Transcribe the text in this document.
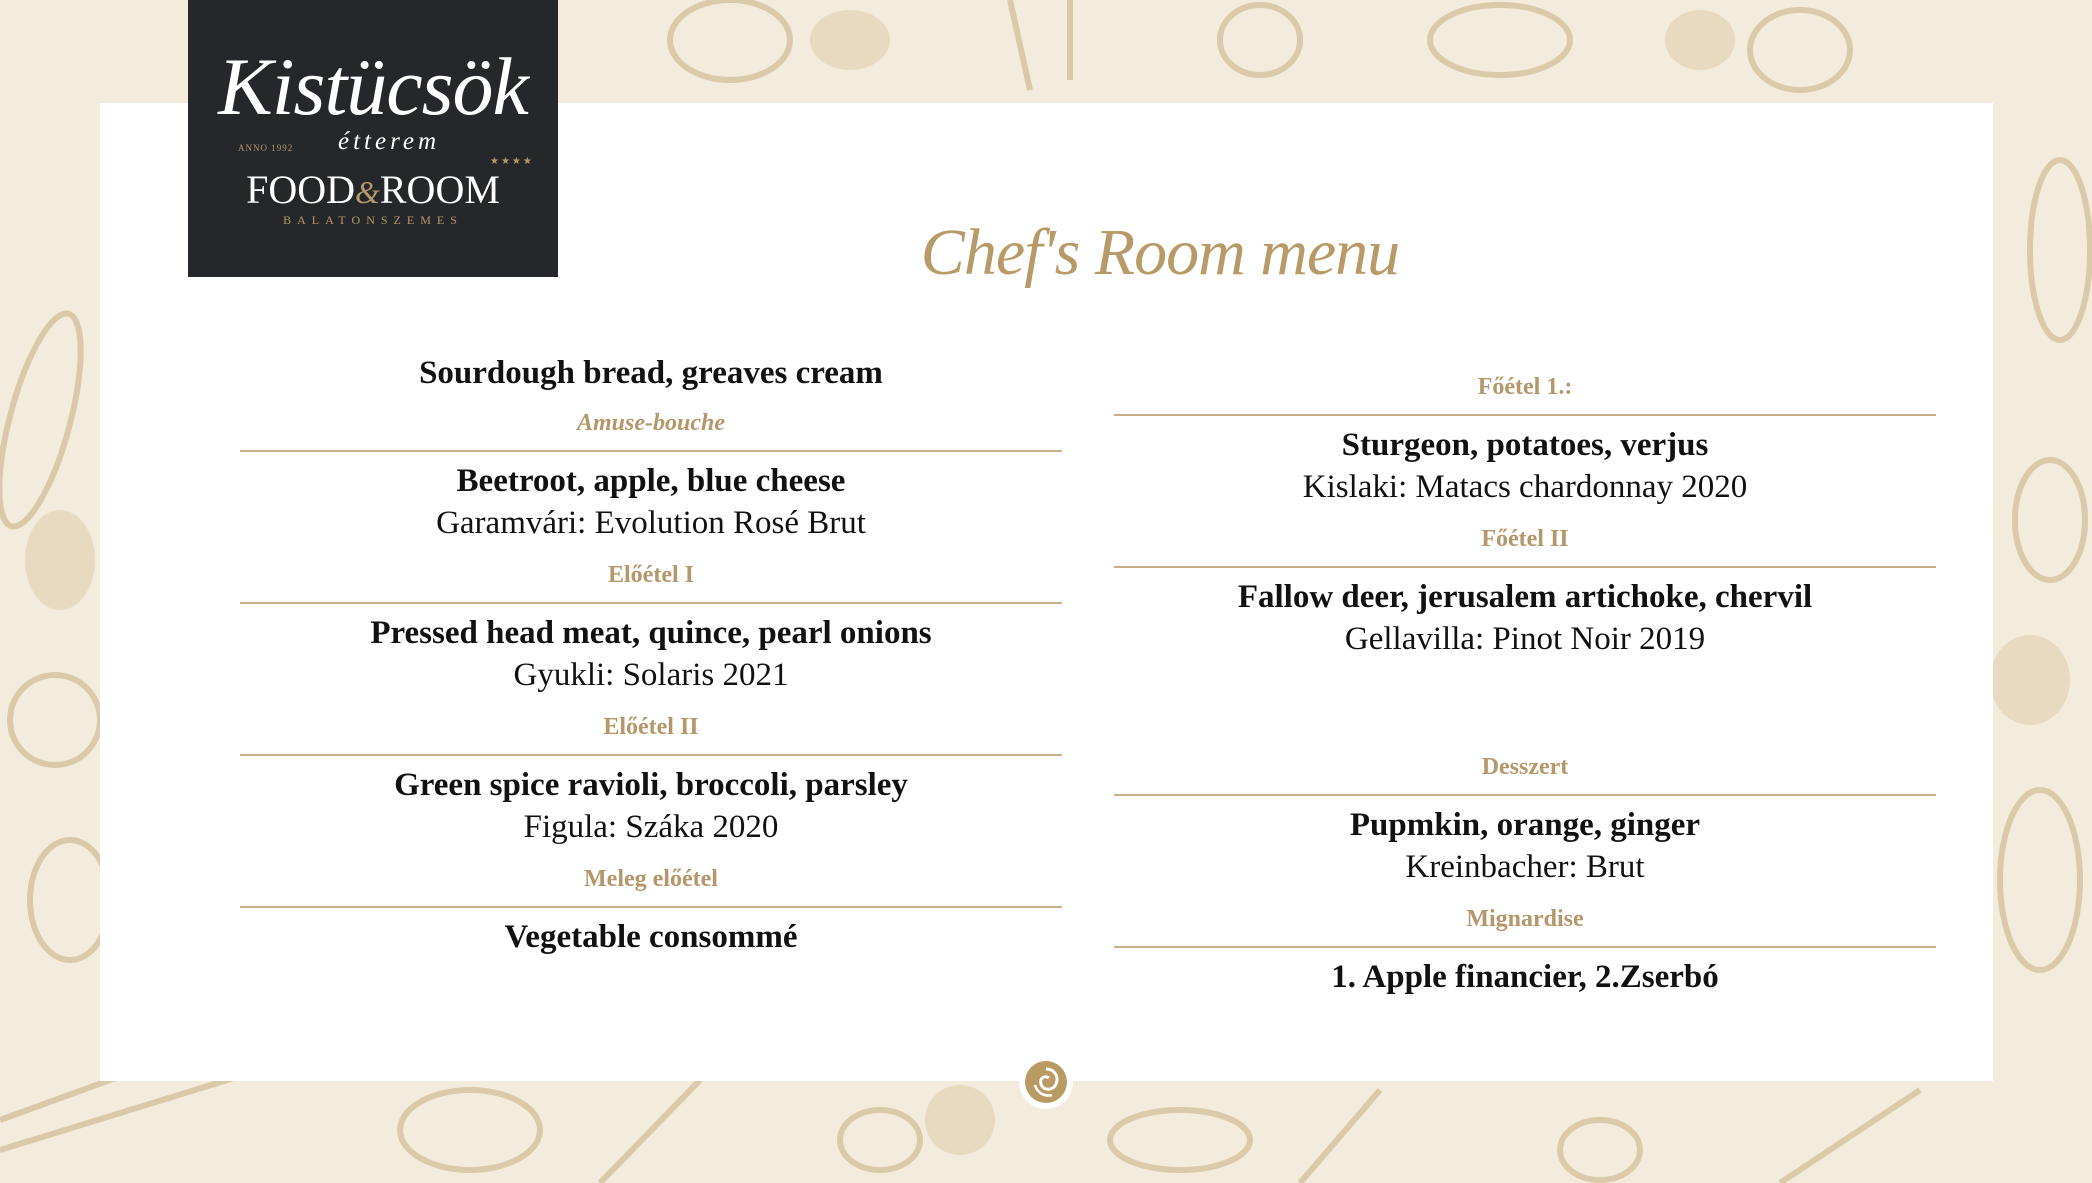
Kistücsök
ANNO 1992 étterem
★★★★
FOOD&ROOM
BALATONSZEMES	Chef's Room menu
Sourdough bread, greaves cream
Amuse-bouche
Beetroot, apple, blue cheese
Garamvári: Evolution Rosé Brut
Előétel I
Pressed head meat, quince, pearl onions
Gyukli: Solaris 2021
Előétel II
Green spice ravioli, broccoli, parsley
Figula: Száka 2020
Meleg előétel
Vegetable consommé
Főétel 1.:
Sturgeon, potatoes, verjus
Kislaki: Matacs chardonnay 2020
Főétel II
Fallow deer, jerusalem artichoke, chervil
Gellavilla: Pinot Noir 2019
Desszert
Pupmkin, orange, ginger
Kreinbacher: Brut
Mignardise
1. Apple financier, 2.Zserbó
